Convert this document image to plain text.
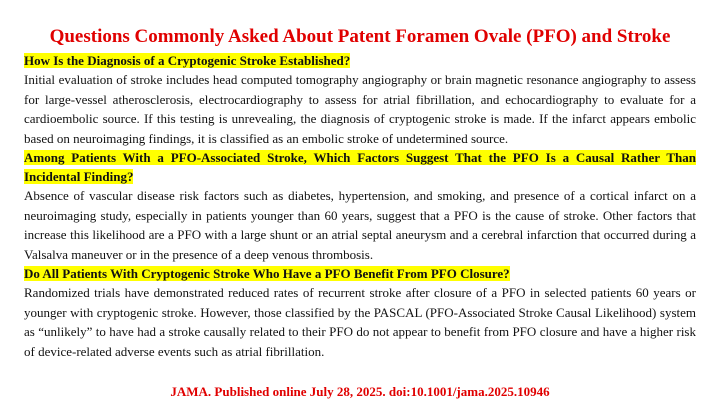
Questions Commonly Asked About Patent Foramen Ovale (PFO) and Stroke
How Is the Diagnosis of a Cryptogenic Stroke Established?

Initial evaluation of stroke includes head computed tomography angiography or brain magnetic resonance angiography to assess for large-vessel atherosclerosis, electrocardiography to assess for atrial fibrillation, and echocardiography to evaluate for a cardioembolic source. If this testing is unrevealing, the diagnosis of cryptogenic stroke is made. If the infarct appears embolic based on neuroimaging findings, it is classified as an embolic stroke of undetermined source.

Among Patients With a PFO-Associated Stroke, Which Factors Suggest That the PFO Is a Causal Rather Than Incidental Finding?

Absence of vascular disease risk factors such as diabetes, hypertension, and smoking, and presence of a cortical infarct on a neuroimaging study, especially in patients younger than 60 years, suggest that a PFO is the cause of stroke. Other factors that increase this likelihood are a PFO with a large shunt or an atrial septal aneurysm and a cerebral infarction that occurred during a Valsalva maneuver or in the presence of a deep venous thrombosis.

Do All Patients With Cryptogenic Stroke Who Have a PFO Benefit From PFO Closure?

Randomized trials have demonstrated reduced rates of recurrent stroke after closure of a PFO in selected patients 60 years or younger with cryptogenic stroke. However, those classified by the PASCAL (PFO-Associated Stroke Causal Likelihood) system as “unlikely” to have had a stroke causally related to their PFO do not appear to benefit from PFO closure and have a higher risk of device-related adverse events such as atrial fibrillation.

JAMA. Published online July 28, 2025. doi:10.1001/jama.2025.10946
